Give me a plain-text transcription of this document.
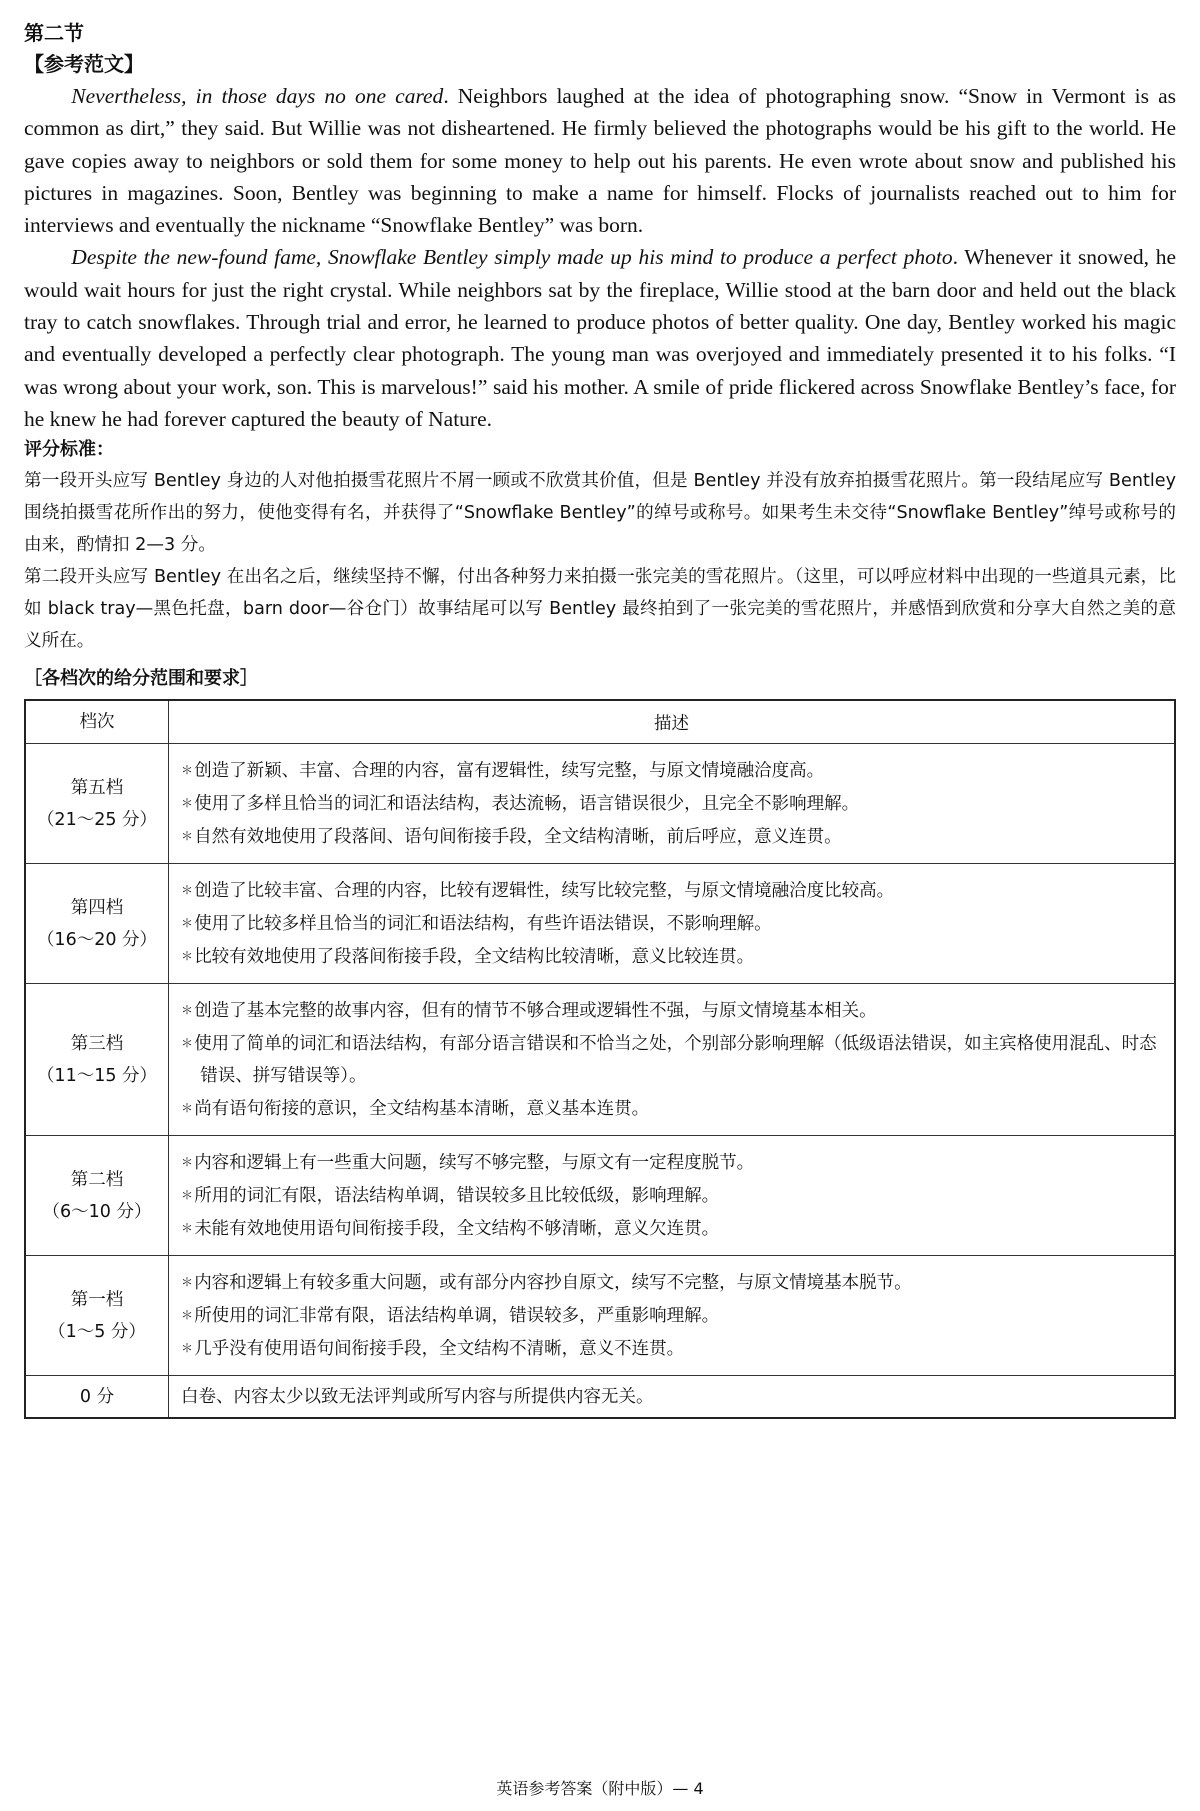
第二节

【参考范文】

Nevertheless, in those days no one cared. Neighbors laughed at the idea of photographing snow. “Snow in Vermont is as common as dirt,” they said. But Willie was not disheartened. He firmly believed the photographs would be his gift to the world. He gave copies away to neighbors or sold them for some money to help out his parents. He even wrote about snow and published his pictures in magazines. Soon, Bentley was beginning to make a name for himself. Flocks of journalists reached out to him for interviews and eventually the nickname “Snowflake Bentley” was born.

Despite the new-found fame, Snowflake Bentley simply made up his mind to produce a perfect photo. Whenever it snowed, he would wait hours for just the right crystal. While neighbors sat by the fireplace, Willie stood at the barn door and held out the black tray to catch snowflakes. Through trial and error, he learned to produce photos of better quality. One day, Bentley worked his magic and eventually developed a perfectly clear photograph. The young man was overjoyed and immediately presented it to his folks. “I was wrong about your work, son. This is marvelous!” said his mother. A smile of pride flickered across Snowflake Bentley’s face, for he knew he had forever captured the beauty of Nature.

评分标准：

第一段开头应写 Bentley 身边的人对他拍摄雪花照片不屑一顾或不欣赏其价值，但是 Bentley 并没有放弃拍摄雪花照片。第一段结尾应写 Bentley 围绕拍摄雪花所作出的努力，使他变得有名，并获得了“Snowflake Bentley”的绰号或称号。如果考生未交待“Snowflake Bentley”绰号或称号的由来，酌情扣 2—3 分。

第二段开头应写 Bentley 在出名之后，继续坚持不懈，付出各种努力来拍摄一张完美的雪花照片。（这里，可以呼应材料中出现的一些道具元素，比如 black tray—黑色托盘，barn door—谷仓门）故事结尾可以写 Bentley 最终拍到了一张完美的雪花照片，并感悟到欣赏和分享大自然之美的意义所在。

［各档次的给分范围和要求］

档次	描述

第五档
（21～25 分）	＊ 创造了新颖、丰富、合理的内容，富有逻辑性，续写完整，与原文情境融洽度高。
＊ 使用了多样且恰当的词汇和语法结构，表达流畅，语言错误很少，且完全不影响理解。
＊ 自然有效地使用了段落间、语句间衔接手段，全文结构清晰，前后呼应，意义连贯。

第四档
（16～20 分）	＊ 创造了比较丰富、合理的内容，比较有逻辑性，续写比较完整，与原文情境融洽度比较高。
＊ 使用了比较多样且恰当的词汇和语法结构，有些许语法错误，不影响理解。
＊ 比较有效地使用了段落间衔接手段，全文结构比较清晰，意义比较连贯。

第三档
（11～15 分）	＊ 创造了基本完整的故事内容，但有的情节不够合理或逻辑性不强，与原文情境基本相关。
＊ 使用了简单的词汇和语法结构，有部分语言错误和不恰当之处，个别部分影响理解（低级语法错误，如主宾格使用混乱、时态错误、拼写错误等）。
＊ 尚有语句衔接的意识，全文结构基本清晰，意义基本连贯。

第二档
（6～10 分）	＊ 内容和逻辑上有一些重大问题，续写不够完整，与原文有一定程度脱节。
＊ 所用的词汇有限，语法结构单调，错误较多且比较低级，影响理解。
＊ 未能有效地使用语句间衔接手段，全文结构不够清晰，意义欠连贯。

第一档
（1～5 分）	＊ 内容和逻辑上有较多重大问题，或有部分内容抄自原文，续写不完整，与原文情境基本脱节。
＊ 所使用的词汇非常有限，语法结构单调，错误较多，严重影响理解。
＊ 几乎没有使用语句间衔接手段，全文结构不清晰，意义不连贯。

0 分	白卷、内容太少以致无法评判或所写内容与所提供内容无关。
英语参考答案（附中版）— 4
